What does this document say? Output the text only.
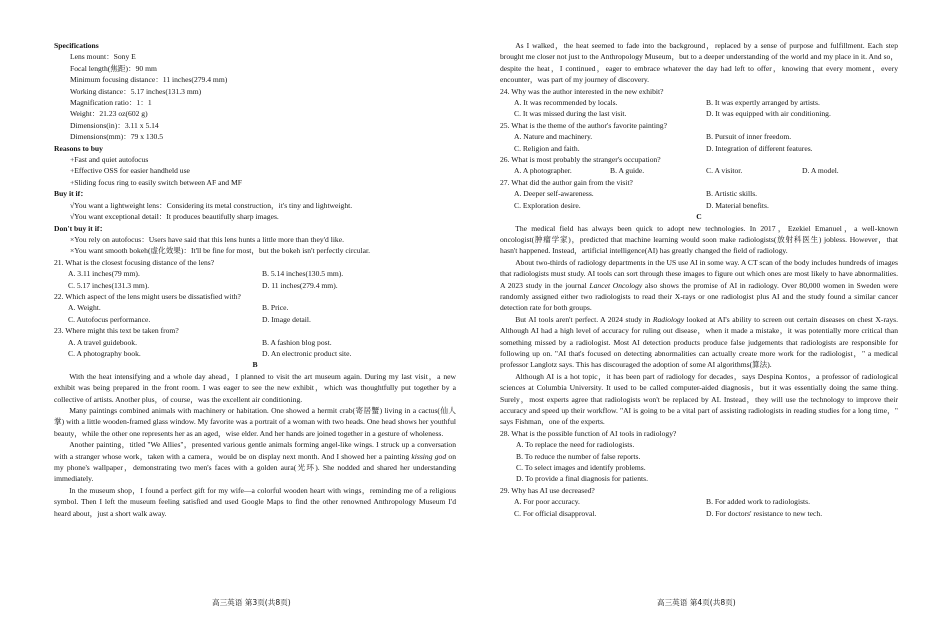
Specifications

Lens mount：Sony E

Focal length(焦距)：90 mm

Minimum focusing distance：11 inches(279.4 mm)

Working distance：5.17 inches(131.3 mm)

Magnification ratio：1：1

Weight：21.23 oz(602 g)

Dimensions(in)：3.11 x 5.14

Dimensions(mm)：79 x 130.5

Reasons to buy

+Fast and quiet autofocus

+Effective OSS for easier handheld use

+Sliding focus ring to easily switch between AF and MF

Buy it if：

√You want a lightweight lens：Considering its metal construction，it's tiny and lightweight.

√You want exceptional detail：It produces beautifully sharp images.

Don't buy it if：

×You rely on autofocus：Users have said that this lens hunts a little more than they'd like.

×You want smooth bokeh(虚化效果)：It'll be fine for most，but the bokeh isn't perfectly circular.

21. What is the closest focusing distance of the lens?

A. 3.11 inches(79 mm).	B. 5.14 inches(130.5 mm).
C. 5.17 inches(131.3 mm).	D. 11 inches(279.4 mm).

22. Which aspect of the lens might users be dissatisfied with?

A. Weight.	B. Price.
C. Autofocus performance.	D. Image detail.

23. Where might this text be taken from?

A. A travel guidebook.	B. A fashion blog post.
C. A photography book.	D. An electronic product site.

B

With the heat intensifying and a whole day ahead，I planned to visit the art museum again. During my last visit，a new exhibit was being prepared in the front room. I was eager to see the new exhibit，which was thoughtfully put together by a collective of artists. Another plus，of course，was the excellent air conditioning.

Many paintings combined animals with machinery or habitation. One showed a hermit crab(寄居蟹) living in a cactus(仙人掌) with a little wooden-framed glass window. My favorite was a portrait of a woman with two heads. One head shows her youthful beauty，while the other one represents her as an aged，wise elder. And her hands are joined together in a gesture of wholeness.

Another painting，titled "We Allies"，presented various gentle animals forming angel-like wings. I struck up a conversation with a stranger whose work，taken with a camera，would be on display next month. And I showed her a painting kissing god on my phone's wallpaper，demonstrating two men's faces with a golden aura(光环). She nodded and shared her understanding immediately.

In the museum shop，I found a perfect gift for my wife—a colorful wooden heart with wings，reminding me of a religious symbol. Then I left the museum feeling satisfied and used Google Maps to find the other renowned Anthropology Museum I'd heard about，just a short walk away.

As I walked，the heat seemed to fade into the background，replaced by a sense of purpose and fulfillment. Each step brought me closer not just to the Anthropology Museum，but to a deeper understanding of the world and my place in it. And so，despite the heat，I continued，eager to embrace whatever the day had left to offer，knowing that every moment，every encounter，was part of my journey of discovery.

24. Why was the author interested in the new exhibit?

A. It was recommended by locals.	B. It was expertly arranged by artists.
C. It was missed during the last visit.	D. It was equipped with air conditioning.

25. What is the theme of the author's favorite painting?

A. Nature and machinery.	B. Pursuit of inner freedom.
C. Religion and faith.	D. Integration of different features.

26. What is most probably the stranger's occupation?

A. A photographer.	B. A guide.	C. A visitor.	D. A model.

27. What did the author gain from the visit?

A. Deeper self-awareness.	B. Artistic skills.
C. Exploration desire.	D. Material benefits.

C

The medical field has always been quick to adopt new technologies. In 2017，Ezekiel Emanuel，a well-known oncologist(肿瘤学家)，predicted that machine learning would soon make radiologists(放射科医生) jobless. However，that hasn't happened. Instead，artificial intelligence(AI) has greatly changed the field of radiology.

About two-thirds of radiology departments in the US use AI in some way. A CT scan of the body includes hundreds of images that radiologists must study. AI tools can sort through these images to figure out which ones are most likely to have abnormalities. A 2023 study in the journal Lancet Oncology also shows the promise of AI in radiology. Over 80,000 women in Sweden were randomly assigned either two radiologists to read their X-rays or one radiologist plus AI and the study found a similar cancer detection rate for both groups.

But AI tools aren't perfect. A 2024 study in Radiology looked at AI's ability to screen out certain diseases on chest X-rays. Although AI had a high level of accuracy for ruling out disease，when it made a mistake，it was potentially more critical than something missed by a radiologist. Most AI detection products produce false judgements that radiologists are responsible for following up on. "AI that's focused on detecting abnormalities can actually create more work for the radiologist，" a medical professor Langlotz says. This has discouraged the adoption of some AI algorithms(算法).

Although AI is a hot topic，it has been part of radiology for decades，says Despina Kontos，a professor of radiological sciences at Columbia University. It used to be called computer-aided diagnosis，but it was essentially doing the same thing. Surely，most experts agree that radiologists won't be replaced by AI. Instead，they will use the technology to improve their accuracy and speed up their workflow. "AI is going to be a vital part of assisting radiologists in reading studies for a long time，" says Fishman，one of the experts.

28. What is the possible function of AI tools in radiology?

A. To replace the need for radiologists.

B. To reduce the number of false reports.

C. To select images and identify problems.

D. To provide a final diagnosis for patients.

29. Why has AI use decreased?

A. For poor accuracy.	B. For added work to radiologists.
C. For official disapproval.	D. For doctors' resistance to new tech.
高三英语 第3页(共8页)	高三英语 第4页(共8页)
